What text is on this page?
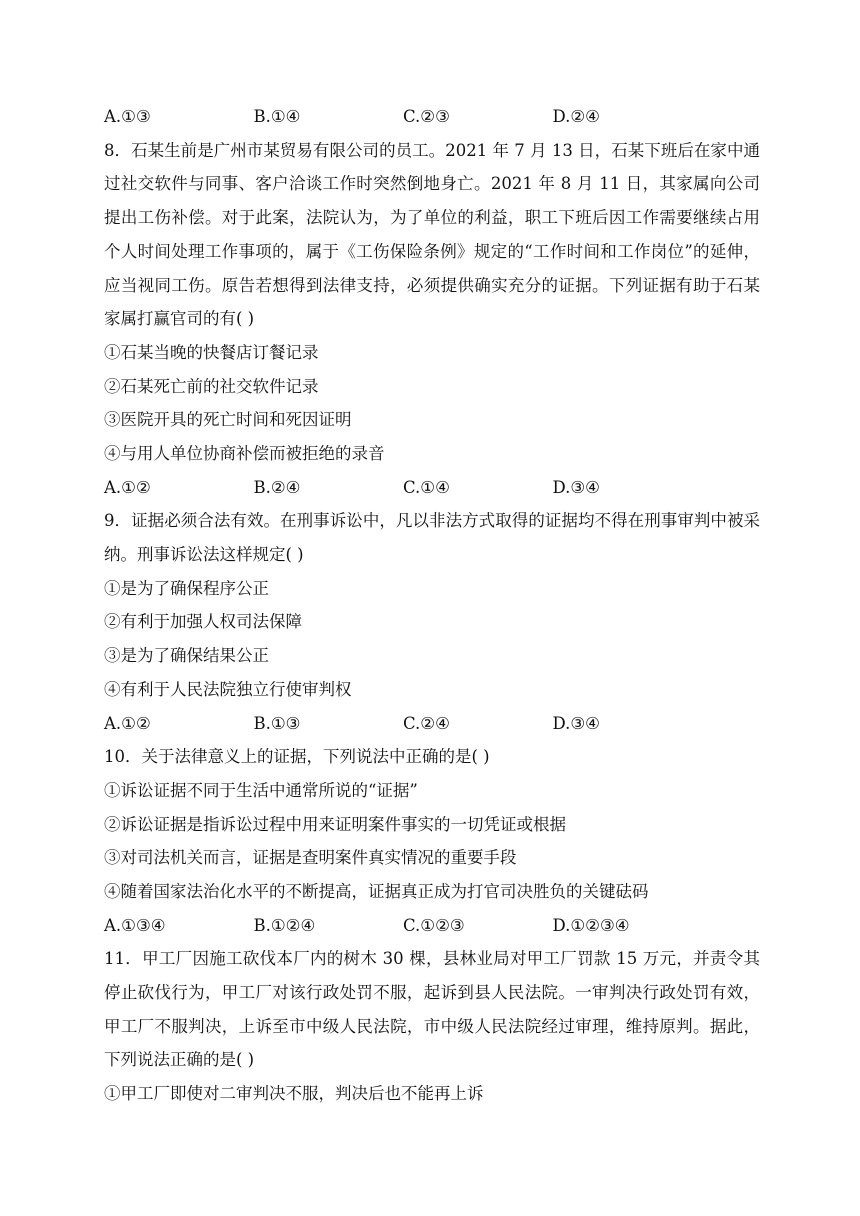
A.①③	B.①④	C.②③	D.②④
8．石某生前是广州市某贸易有限公司的员工。2021 年 7 月 13 日，石某下班后在家中通过社交软件与同事、客户洽谈工作时突然倒地身亡。2021 年 8 月 11 日，其家属向公司提出工伤补偿。对于此案，法院认为，为了单位的利益，职工下班后因工作需要继续占用个人时间处理工作事项的，属于《工伤保险条例》规定的“工作时间和工作岗位”的延伸，应当视同工伤。原告若想得到法律支持，必须提供确实充分的证据。下列证据有助于石某家属打赢官司的有( )
①石某当晚的快餐店订餐记录
②石某死亡前的社交软件记录
③医院开具的死亡时间和死因证明
④与用人单位协商补偿而被拒绝的录音
A.①②	B.②④	C.①④	D.③④
9．证据必须合法有效。在刑事诉讼中，凡以非法方式取得的证据均不得在刑事审判中被采纳。刑事诉讼法这样规定( )
①是为了确保程序公正
②有利于加强人权司法保障
③是为了确保结果公正
④有利于人民法院独立行使审判权
A.①②	B.①③	C.②④	D.③④
10．关于法律意义上的证据，下列说法中正确的是( )
①诉讼证据不同于生活中通常所说的“证据”
②诉讼证据是指诉讼过程中用来证明案件事实的一切凭证或根据
③对司法机关而言，证据是查明案件真实情况的重要手段
④随着国家法治化水平的不断提高，证据真正成为打官司决胜负的关键砝码
A.①③④	B.①②④	C.①②③	D.①②③④
11．甲工厂因施工砍伐本厂内的树木 30 棵，县林业局对甲工厂罚款 15 万元，并责令其停止砍伐行为，甲工厂对该行政处罚不服，起诉到县人民法院。一审判决行政处罚有效，甲工厂不服判决，上诉至市中级人民法院，市中级人民法院经过审理，维持原判。据此，下列说法正确的是( )
①甲工厂即使对二审判决不服，判决后也不能再上诉
